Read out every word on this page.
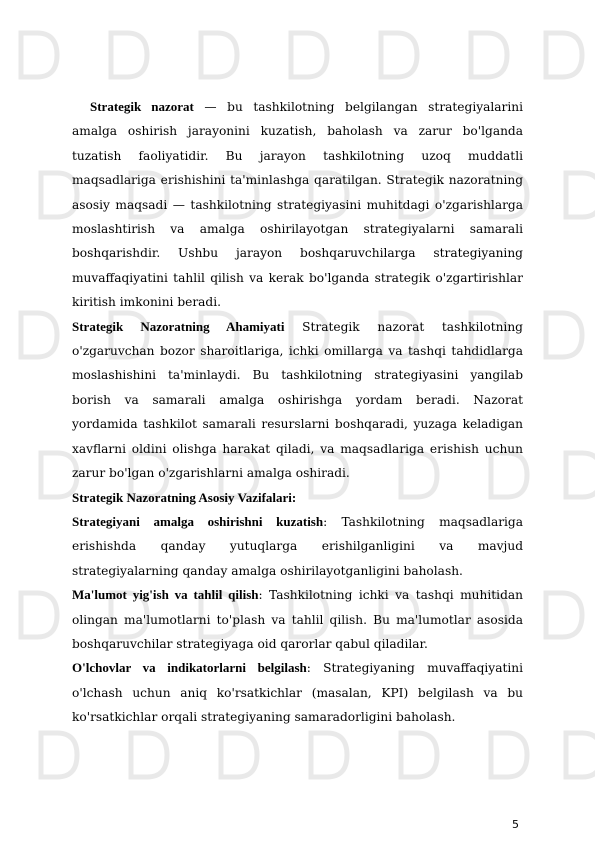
Strategik nazorat — bu tashkilotning belgilangan strategiyalarini amalga oshirish jarayonini kuzatish, baholash va zarur bo'lganda tuzatish faoliyatidir. Bu jarayon tashkilotning uzoq muddatli maqsadlariga erishishini ta'minlashga qaratilgan. Strategik nazoratning asosiy maqsadi — tashkilotning strategiyasini muhitdagi o'zgarishlarga moslashtirish va amalga oshirilayotgan strategiyalarni samarali boshqarishdir. Ushbu jarayon boshqaruvchilarga strategiyaning muvaffaqiyatini tahlil qilish va kerak bo'lganda strategik o'zgartirishlar kiritish imkonini beradi.

Strategik Nazoratning Ahamiyati Strategik nazorat tashkilotning o'zgaruvchan bozor sharoitlariga, ichki omillarga va tashqi tahdidlarga moslashishini ta'minlaydi. Bu tashkilotning strategiyasini yangilab borish va samarali amalga oshirishga yordam beradi. Nazorat yordamida tashkilot samarali resurslarni boshqaradi, yuzaga keladigan xavflarni oldini olishga harakat qiladi, va maqsadlariga erishish uchun zarur bo'lgan o'zgarishlarni amalga oshiradi.

Strategik Nazoratning Asosiy Vazifalari:

Strategiyani amalga oshirishni kuzatish: Tashkilotning maqsadlariga erishishda qanday yutuqlarga erishilganligini va mavjud strategiyalarning qanday amalga oshirilayotganligini baholash.

Ma'lumot yig'ish va tahlil qilish: Tashkilotning ichki va tashqi muhitidan olingan ma'lumotlarni to'plash va tahlil qilish. Bu ma'lumotlar asosida boshqaruvchilar strategiyaga oid qarorlar qabul qiladilar.

O'lchovlar va indikatorlarni belgilash: Strategiyaning muvaffaqiyatini o'lchash uchun aniq ko'rsatkichlar (masalan, KPI) belgilash va bu ko'rsatkichlar orqali strategiyaning samaradorligini baholash.

5
